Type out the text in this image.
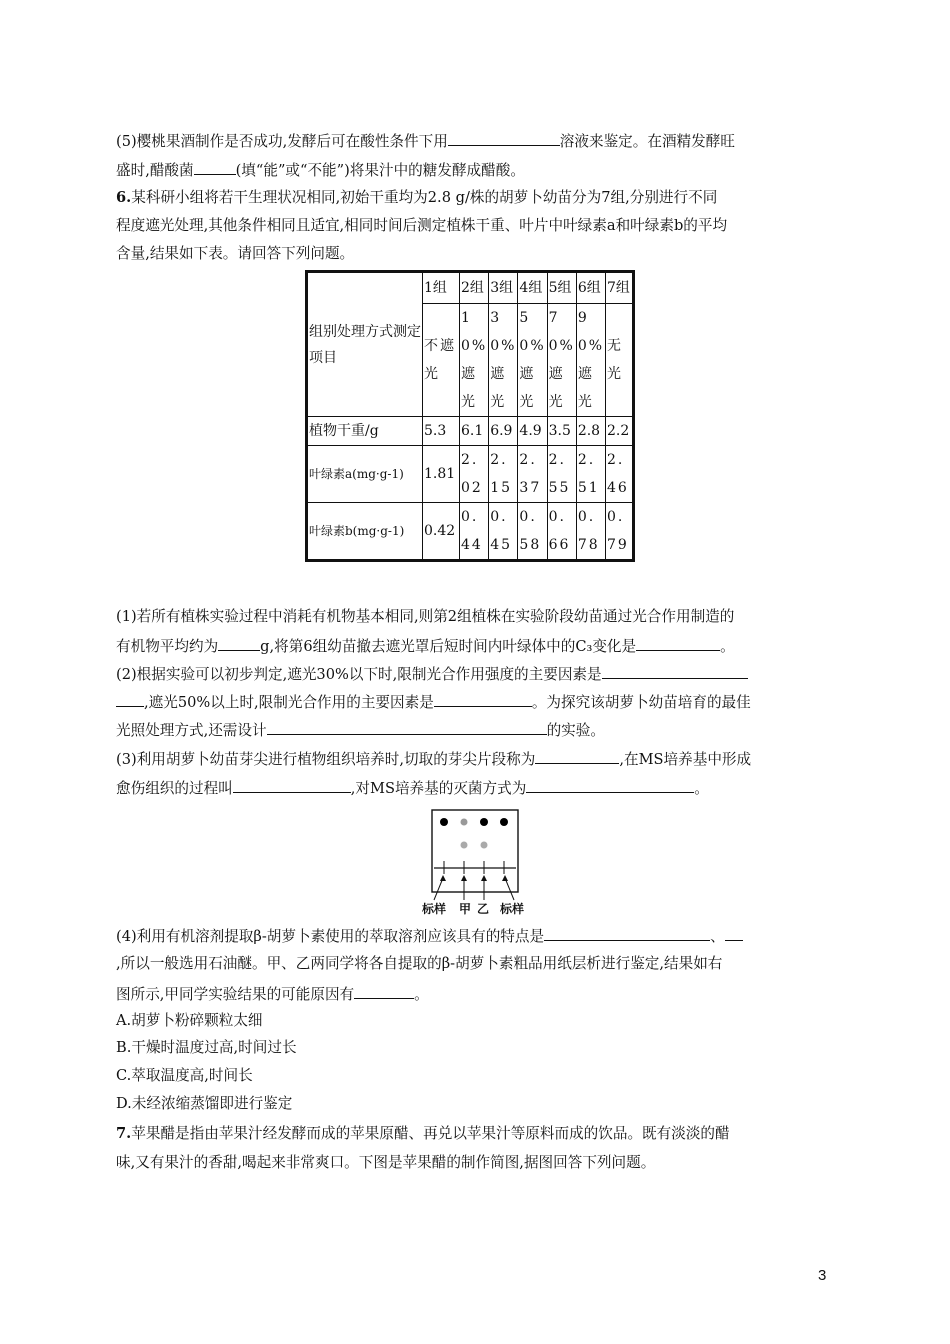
(5)樱桃果酒制作是否成功,发酵后可在酸性条件下用	溶液来鉴定。在酒精发酵旺
盛时,醋酸菌	(填“能”或“不能”)将果汁中的糖发酵成醋酸。
6.某科研小组将若干生理状况相同,初始干重均为2.8 g/株的胡萝卜幼苗分为7组,分别进行不同
程度遮光处理,其他条件相同且适宜,相同时间后测定植株干重、叶片中叶绿素a和叶绿素b的平均
含量,结果如下表。请回答下列问题。
组别处理方式测定项目	1组	2组	3组	4组	5组	6组	7组
	不遮光	10%遮光	30%遮光	50%遮光	70%遮光	90%遮光	无光
植物干重/g	5.3	6.1	6.9	4.9	3.5	2.8	2.2
叶绿素a(mg·g-1)	1.81	2.02	2.15	2.37	2.55	2.51	2.46
叶绿素b(mg·g-1)	0.42	0.44	0.45	0.58	0.66	0.78	0.79
(1)若所有植株实验过程中消耗有机物基本相同,则第2组植株在实验阶段幼苗通过光合作用制造的
有机物平均约为	g,将第6组幼苗撤去遮光罩后短时间内叶绿体中的C₃变化是	。
(2)根据实验可以初步判定,遮光30%以下时,限制光合作用强度的主要因素是
,遮光50%以上时,限制光合作用的主要因素是	。为探究该胡萝卜幼苗培育的最佳
光照处理方式,还需设计	的实验。
(3)利用胡萝卜幼苗芽尖进行植物组织培养时,切取的芽尖片段称为	,在MS培养基中形成
愈伤组织的过程叫	,对MS培养基的灭菌方式为	。
标样 甲 乙 标样
(4)利用有机溶剂提取β-胡萝卜素使用的萃取溶剂应该具有的特点是	、
,所以一般选用石油醚。甲、乙两同学将各自提取的β-胡萝卜素粗品用纸层析进行鉴定,结果如右
图所示,甲同学实验结果的可能原因有	。
A.胡萝卜粉碎颗粒太细
B.干燥时温度过高,时间过长
C.萃取温度高,时间长
D.未经浓缩蒸馏即进行鉴定
7.苹果醋是指由苹果汁经发酵而成的苹果原醋、再兑以苹果汁等原料而成的饮品。既有淡淡的醋
味,又有果汁的香甜,喝起来非常爽口。下图是苹果醋的制作简图,据图回答下列问题。
3
